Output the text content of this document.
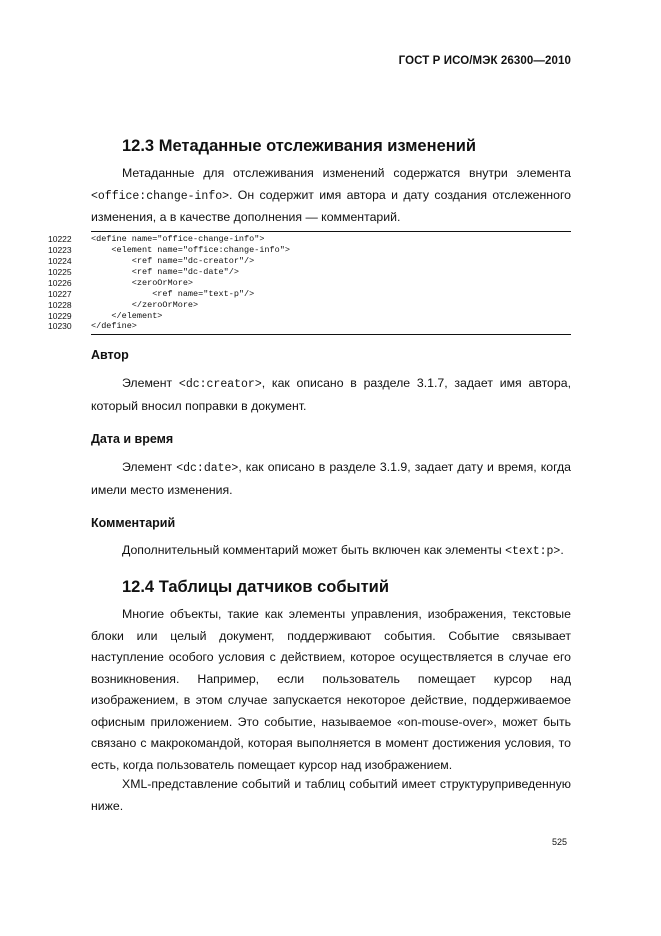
ГОСТ Р ИСО/МЭК 26300—2010
12.3 Метаданные отслеживания изменений
Метаданные для отслеживания изменений содержатся внутри элемента <office:change-info>. Он содержит имя автора и дату создания отслеженного изменения, а в качестве дополнения — комментарий.
10222	<define name="office-change-info">
10223	<element name="office:change-info">
10224	<ref name="dc-creator"/>
10225	<ref name="dc-date"/>
10226	<zeroOrMore>
10227	<ref name="text-p"/>
10228	</zeroOrMore>
10229	</element>
10230	</define>
Автор
Элемент <dc:creator>, как описано в разделе 3.1.7, задает имя автора, который вносил поправки в документ.
Дата и время
Элемент <dc:date>, как описано в разделе 3.1.9, задает дату и время, когда имели место изменения.
Комментарий
Дополнительный комментарий может быть включен как элементы <text:p>.
12.4 Таблицы датчиков событий
Многие объекты, такие как элементы управления, изображения, текстовые блоки или целый документ, поддерживают события. Событие связывает наступление особого условия с действием, которое осуществляется в случае его возникновения. Например, если пользователь помещает курсор над изображением, в этом случае запускается некоторое действие, поддерживаемое офисным приложением. Это событие, называемое «on-mouse-over», может быть связано с макрокомандой, которая выполняется в момент достижения условия, то есть, когда пользователь помещает курсор над изображением.
XML-представление событий и таблиц событий имеет структуруприведенную ниже.
525
